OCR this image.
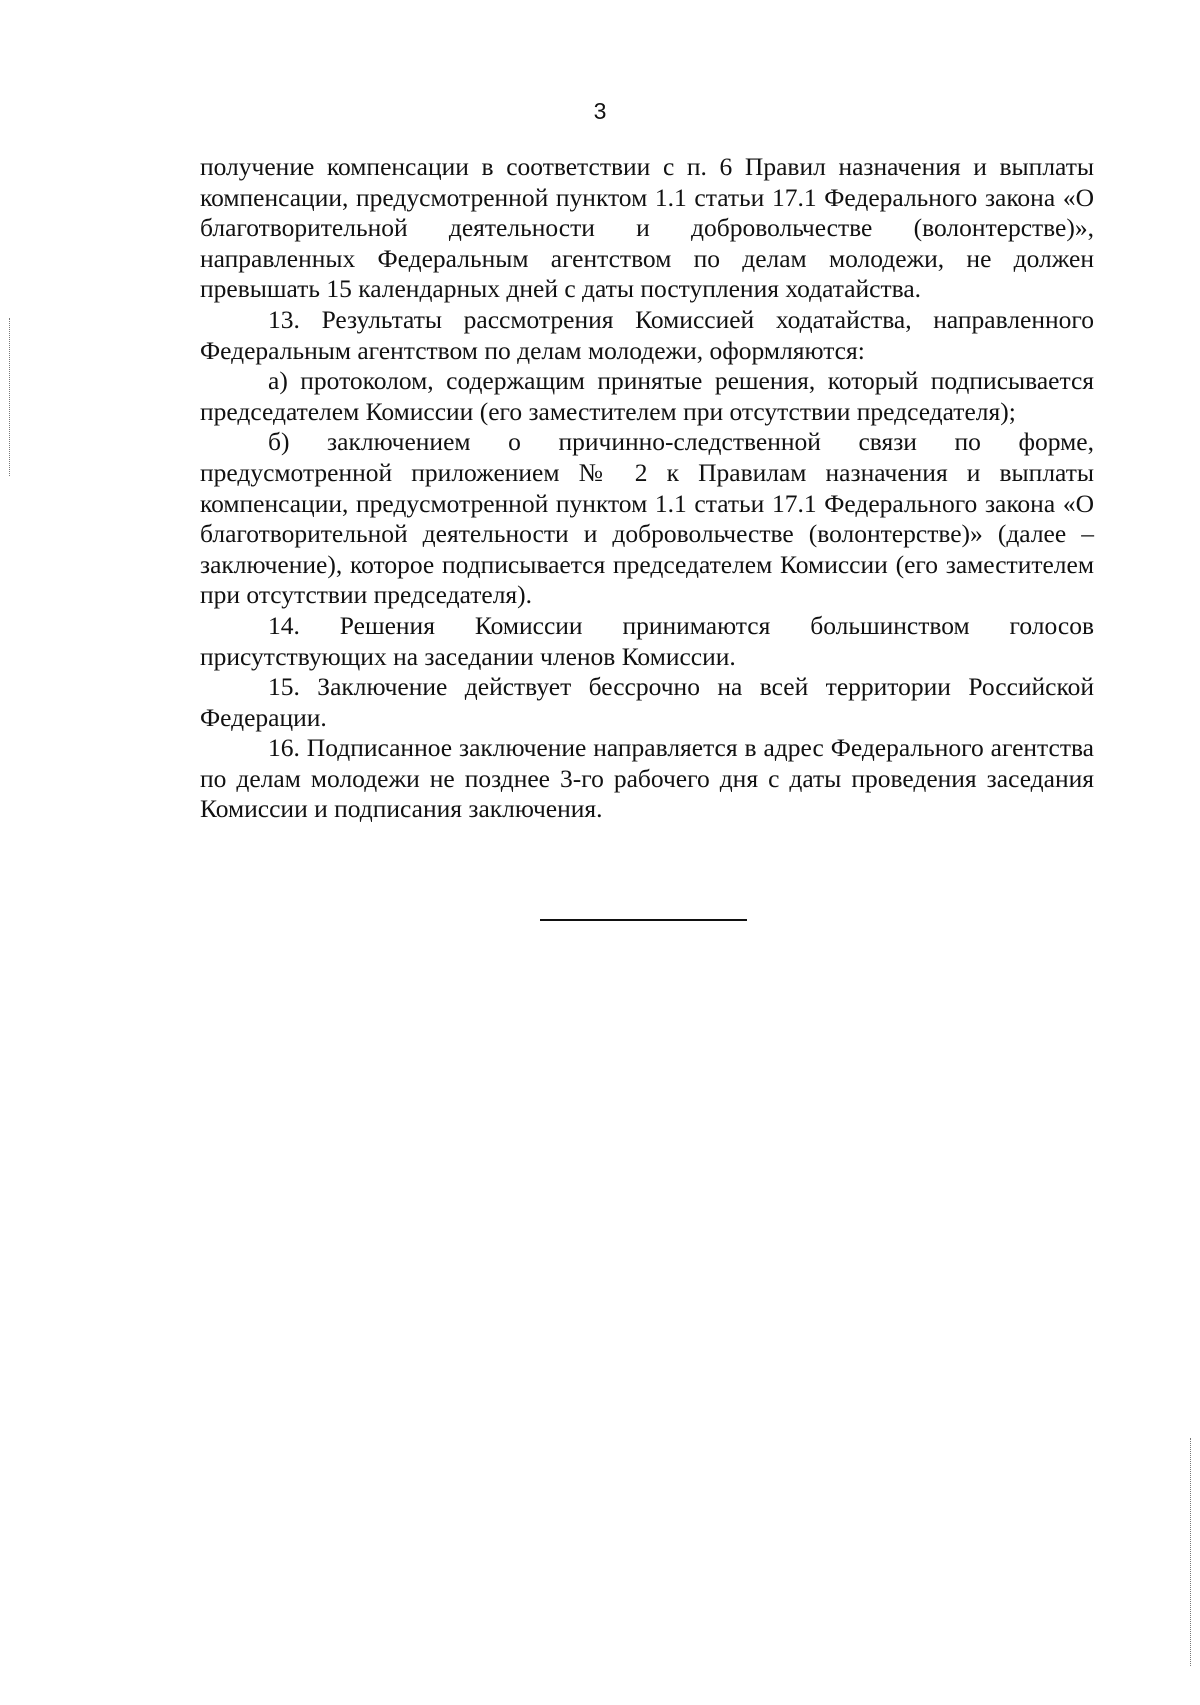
3

получение компенсации в соответствии с п. 6 Правил назначения и выплаты компенсации, предусмотренной пунктом 1.1 статьи 17.1 Федерального закона «О благотворительной деятельности и добровольчестве (волонтерстве)», направленных Федеральным агентством по делам молодежи, не должен превышать 15 календарных дней с даты поступления ходатайства.

13. Результаты рассмотрения Комиссией ходатайства, направленного Федеральным агентством по делам молодежи, оформляются:

а) протоколом, содержащим принятые решения, который подписывается председателем Комиссии (его заместителем при отсутствии председателя);

б) заключением о причинно-следственной связи по форме, предусмотренной приложением № 2 к Правилам назначения и выплаты компенсации, предусмотренной пунктом 1.1 статьи 17.1 Федерального закона «О благотворительной деятельности и добровольчестве (волонтерстве)» (далее – заключение), которое подписывается председателем Комиссии (его заместителем при отсутствии председателя).

14. Решения Комиссии принимаются большинством голосов присутствующих на заседании членов Комиссии.

15. Заключение действует бессрочно на всей территории Российской Федерации.

16. Подписанное заключение направляется в адрес Федерального агентства по делам молодежи не позднее 3-го рабочего дня с даты проведения заседания Комиссии и подписания заключения.
